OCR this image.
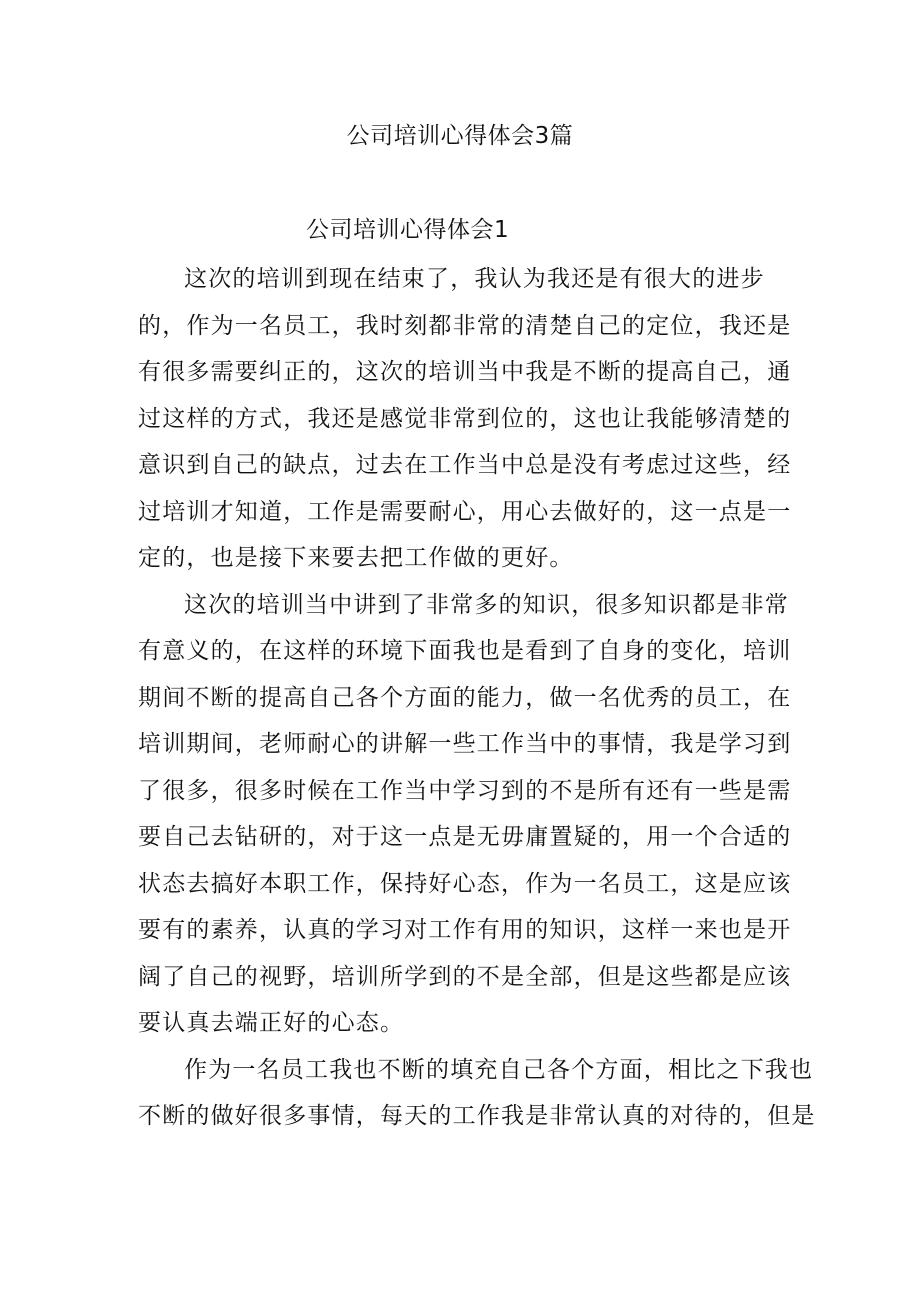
公司培训心得体会3篇
公司培训心得体会1

这次的培训到现在结束了，我认为我还是有很大的进步
的，作为一名员工，我时刻都非常的清楚自己的定位，我还是
有很多需要纠正的，这次的培训当中我是不断的提高自己，通
过这样的方式，我还是感觉非常到位的，这也让我能够清楚的
意识到自己的缺点，过去在工作当中总是没有考虑过这些，经
过培训才知道，工作是需要耐心，用心去做好的，这一点是一
定的，也是接下来要去把工作做的更好。

这次的培训当中讲到了非常多的知识，很多知识都是非常
有意义的，在这样的环境下面我也是看到了自身的变化，培训
期间不断的提高自己各个方面的能力，做一名优秀的员工，在
培训期间，老师耐心的讲解一些工作当中的事情，我是学习到
了很多，很多时候在工作当中学习到的不是所有还有一些是需
要自己去钻研的，对于这一点是无毋庸置疑的，用一个合适的
状态去搞好本职工作，保持好心态，作为一名员工，这是应该
要有的素养，认真的学习对工作有用的知识，这样一来也是开
阔了自己的视野，培训所学到的不是全部，但是这些都是应该
要认真去端正好的心态。

作为一名员工我也不断的填充自己各个方面，相比之下我也
不断的做好很多事情，每天的工作我是非常认真的对待的，但是
